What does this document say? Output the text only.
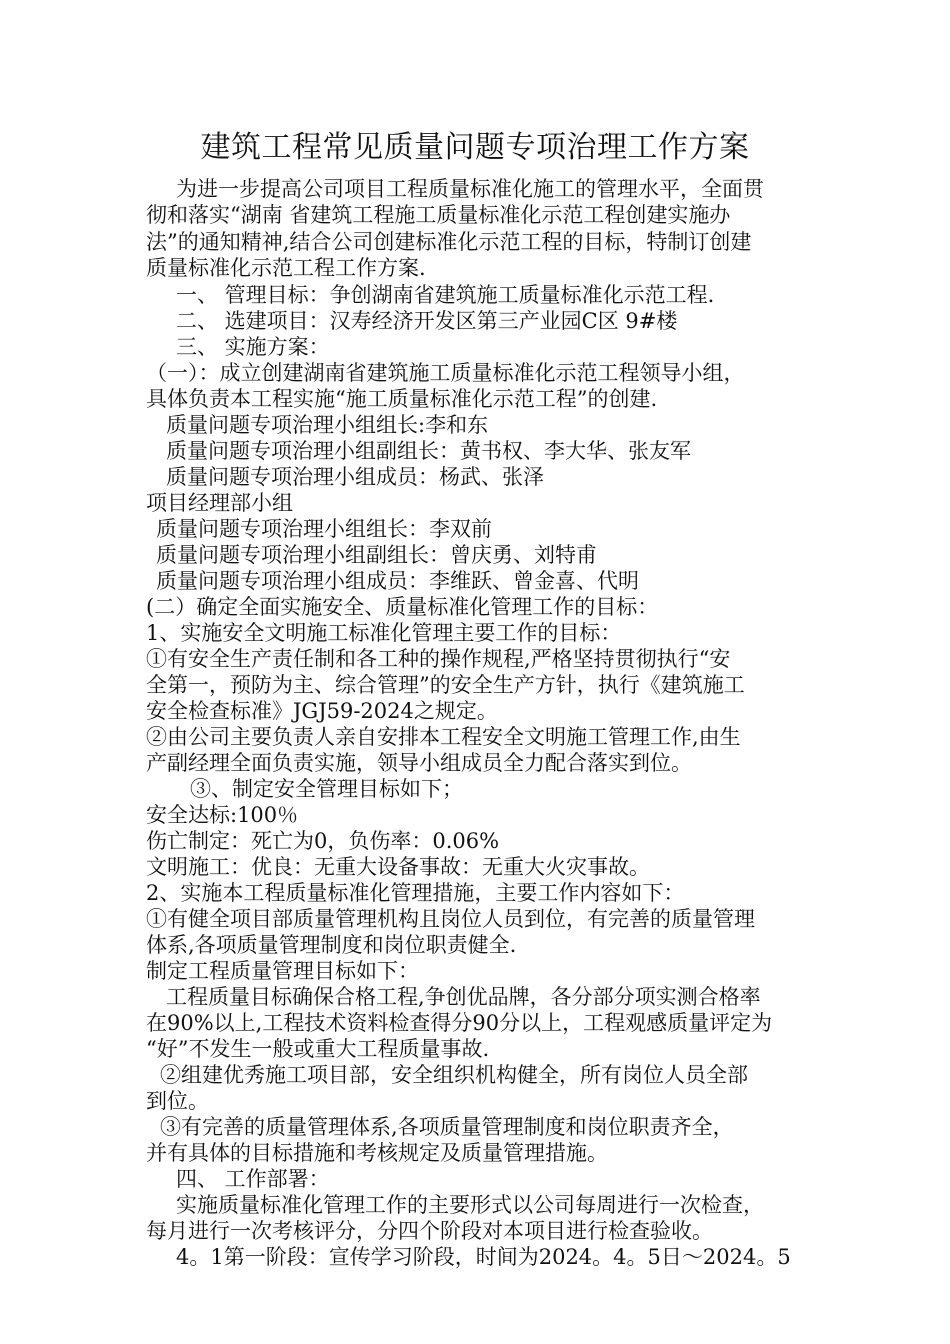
建筑工程常见质量问题专项治理工作方案
为进一步提高公司项目工程质量标准化施工的管理水平，全面贯
彻和落实“湖南 省建筑工程施工质量标准化示范工程创建实施办
法”的通知精神,结合公司创建标准化示范工程的目标，特制订创建
质量标准化示范工程工作方案.
一、 管理目标：争创湖南省建筑施工质量标准化示范工程.
二、 选建项目：汉寿经济开发区第三产业园C区 9#楼
三、 实施方案：
（一）：成立创建湖南省建筑施工质量标准化示范工程领导小组，
具体负责本工程实施“施工质量标准化示范工程”的创建.
质量问题专项治理小组组长:李和东
质量问题专项治理小组副组长：黄书权、李大华、张友军
质量问题专项治理小组成员：杨武、张泽
项目经理部小组
质量问题专项治理小组组长：李双前
质量问题专项治理小组副组长：曾庆勇、刘特甫
质量问题专项治理小组成员：李维跃、曾金喜、代明
(二）确定全面实施安全、质量标准化管理工作的目标：
1、实施安全文明施工标准化管理主要工作的目标：
①有安全生产责任制和各工种的操作规程,严格坚持贯彻执行“安
全第一，预防为主、综合管理”的安全生产方针，执行《建筑施工
安全检查标准》JGJ59-2024之规定。
②由公司主要负责人亲自安排本工程安全文明施工管理工作,由生
产副经理全面负责实施，领导小组成员全力配合落实到位。
③、制定安全管理目标如下；
安全达标:100％
伤亡制定：死亡为0，负伤率：0.06%
文明施工：优良：无重大设备事故：无重大火灾事故。
2、实施本工程质量标准化管理措施，主要工作内容如下：
①有健全项目部质量管理机构且岗位人员到位，有完善的质量管理
体系,各项质量管理制度和岗位职责健全.
制定工程质量管理目标如下：
工程质量目标确保合格工程,争创优品牌，各分部分项实测合格率
在90%以上,工程技术资料检查得分90分以上，工程观感质量评定为
“好”不发生一般或重大工程质量事故.
②组建优秀施工项目部，安全组织机构健全，所有岗位人员全部
到位。
③有完善的质量管理体系,各项质量管理制度和岗位职责齐全，
并有具体的目标措施和考核规定及质量管理措施。
四、 工作部署：
实施质量标准化管理工作的主要形式以公司每周进行一次检查，
每月进行一次考核评分，分四个阶段对本项目进行检查验收。
4。1第一阶段：宣传学习阶段，时间为2024。4。5日～2024。5
